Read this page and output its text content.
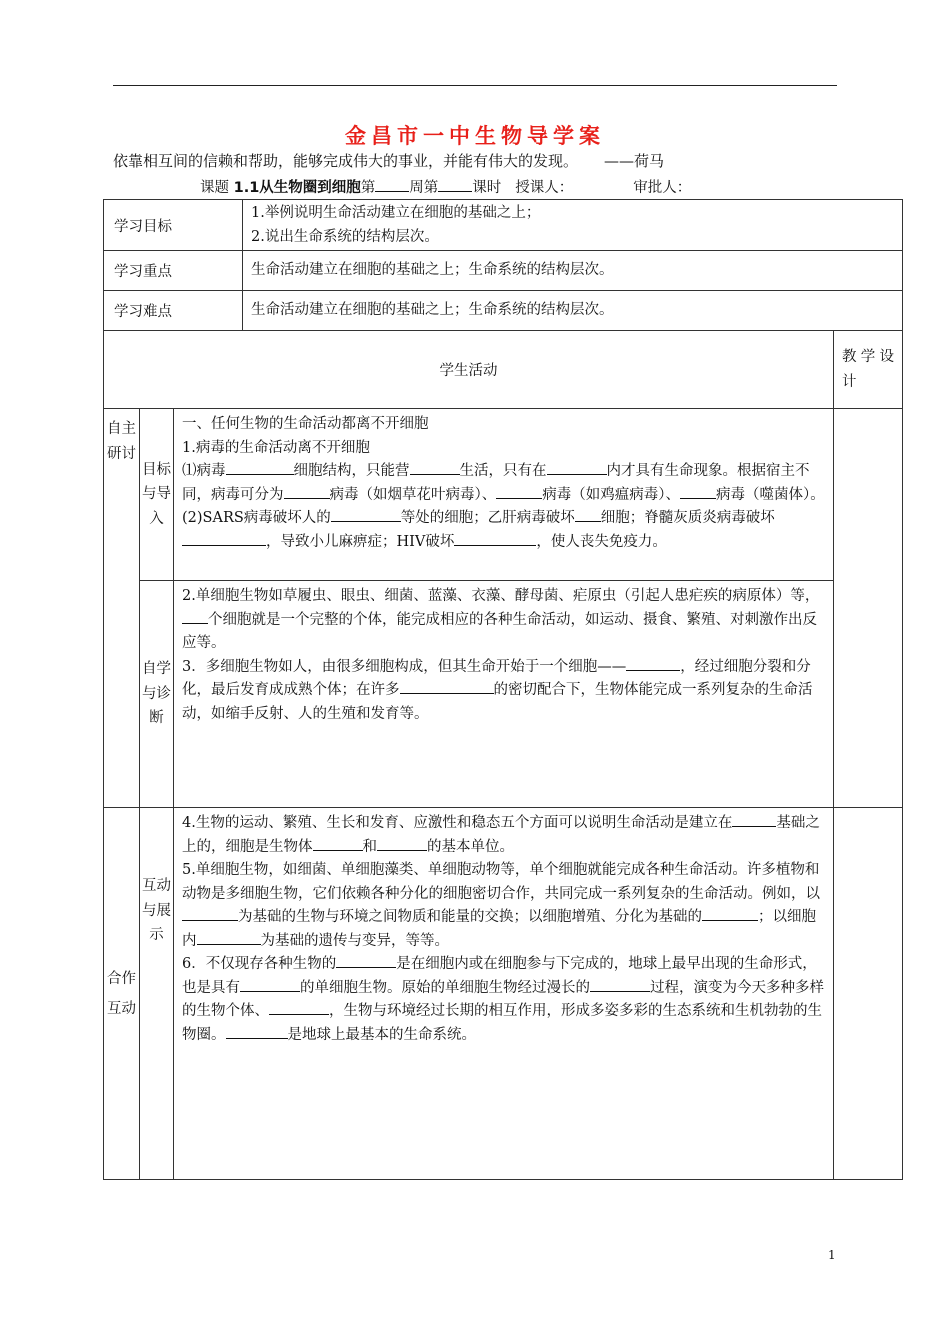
金昌市一中生物导学案
依靠相互间的信赖和帮助，能够完成伟大的事业，并能有伟大的发现。 ——荷马
课题 1.1从生物圈到细胞第 周第 课时 授课人：	审批人：
学习目标			1.举例说明生命活动建立在细胞的基础之上；
2.说出生命系统的结构层次。	

学习重点			生命活动建立在细胞的基础之上；生命系统的结构层次。	
学习难点			生命活动建立在细胞的基础之上；生命系统的结构层次。	
学生活动				教学设计
自主研讨	目标与导入	一、任何生物的生命活动都离不开细胞
1.病毒的生命活动离不开细胞
⑴病毒 细胞结构，只能营 生活，只有在 内才具有生命现象。根据宿主不同，病毒可分为 病毒（如烟草花叶病毒）、 病毒（如鸡瘟病毒）、 病毒（噬菌体）。
(2)SARS病毒破坏人的 等处的细胞；乙肝病毒破坏 细胞；脊髓灰质炎病毒破坏，导致小儿麻痹症；HIV破坏 ，使人丧失免疫力。		
	自学与诊断	2.单细胞生物如草履虫、眼虫、细菌、蓝藻、衣藻、酵母菌、疟原虫（引起人患疟疾的病原体）等，个细胞就是一个完整的个体，能完成相应的各种生命活动，如运动、摄食、繁殖、对刺激作出反应等。
3．多细胞生物如人，由很多细胞构成，但其生命开始于一个细胞—— ，经过细胞分裂和分化，最后发育成成熟个体；在许多 的密切配合下，生物体能完成一系列复杂的生命活动，如缩手反射、人的生殖和发育等。		
合作互动	互动与展示	4.生物的运动、繁殖、生长和发育、应激性和稳态五个方面可以说明生命活动是建立在 基础之上的，细胞是生物体 和 的基本单位。
5.单细胞生物，如细菌、单细胞藻类、单细胞动物等，单个细胞就能完成各种生命活动。许多植物和动物是多细胞生物，它们依赖各种分化的细胞密切合作，共同完成一系列复杂的生命活动。例如，以为基础的生物与环境之间物质和能量的交换；以细胞增殖、分化为基础的 ；以细胞内 为基础的遗传与变异，等等。
6．不仅现存各种生物的 是在细胞内或在细胞参与下完成的，地球上最早出现的生命形式，也是具有 的单细胞生物。原始的单细胞生物经过漫长的 过程，演变为今天多种多样的生物个体、 ，生物与环境经过长期的相互作用，形成多姿多彩的生态系统和生机勃勃的生物圈。 是地球上最基本的生命系统。		
1
